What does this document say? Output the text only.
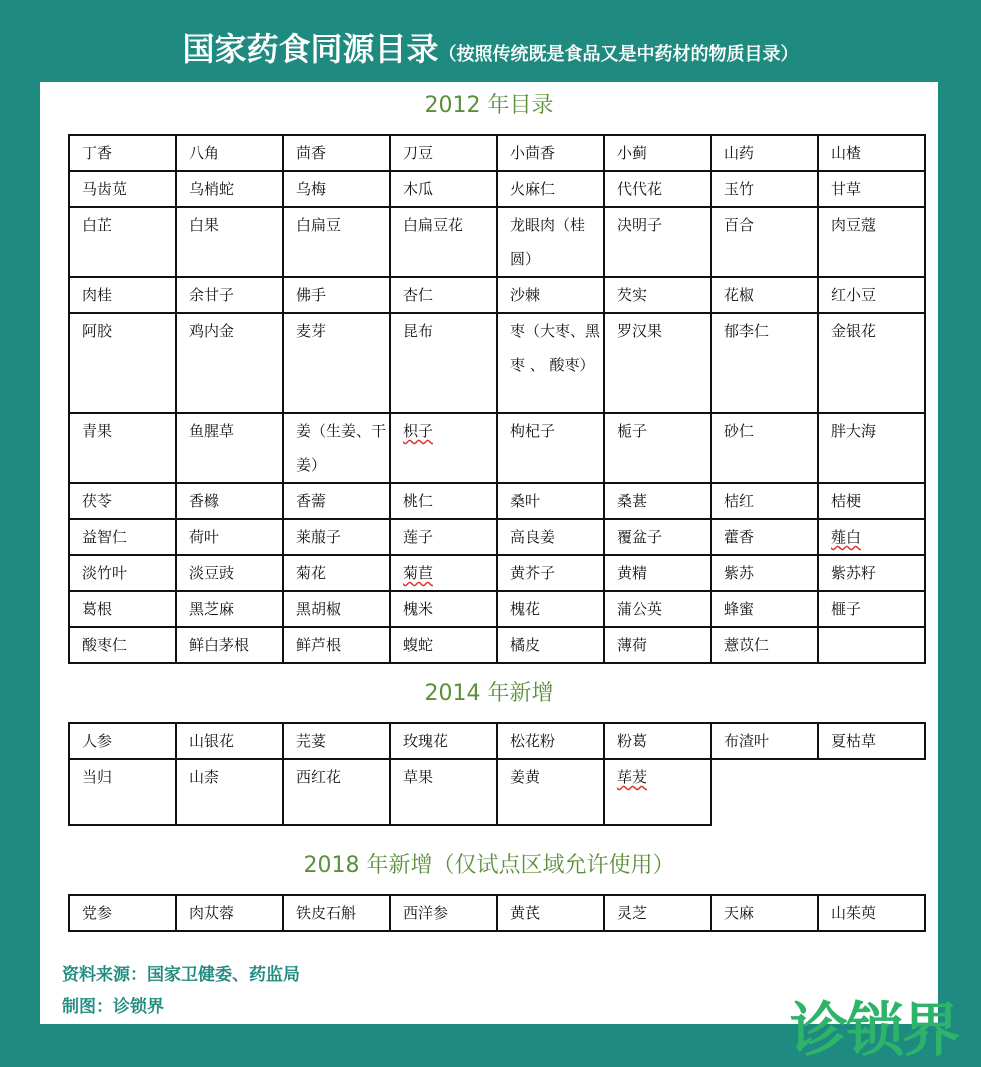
国家药食同源目录（按照传统既是食品又是中药材的物质目录）
2012 年目录
丁香	八角	茴香	刀豆	小茴香	小蓟	山药	山楂
马齿苋	乌梢蛇	乌梅	木瓜	火麻仁	代代花	玉竹	甘草
白芷	白果	白扁豆	白扁豆花	龙眼肉（桂圆）	决明子	百合	肉豆蔻
肉桂	余甘子	佛手	杏仁	沙棘	芡实	花椒	红小豆
阿胶	鸡内金	麦芽	昆布	枣（大枣、黑 枣 、 酸枣）	罗汉果	郁李仁	金银花
青果	鱼腥草	姜（生姜、干姜）	枳子	枸杞子	栀子	砂仁	胖大海
茯苓	香橼	香薷	桃仁	桑叶	桑葚	桔红	桔梗
益智仁	荷叶	莱菔子	莲子	高良姜	覆盆子	藿香	薤白
淡竹叶	淡豆豉	菊花	菊苣	黄芥子	黄精	紫苏	紫苏籽
葛根	黑芝麻	黑胡椒	槐米	槐花	蒲公英	蜂蜜	榧子
酸枣仁	鲜白茅根	鲜芦根	蝮蛇	橘皮	薄荷	薏苡仁	
2014 年新增
人参	山银花	芫荽	玫瑰花	松花粉	粉葛	布渣叶	夏枯草
当归	山柰	西红花	草果	姜黄	荜茇		
2018 年新增（仅试点区域允许使用）
党参	肉苁蓉	铁皮石斛	西洋参	黄芪	灵芝	天麻	山茱萸
资料来源：国家卫健委、药监局
制图：诊锁界	诊锁界
